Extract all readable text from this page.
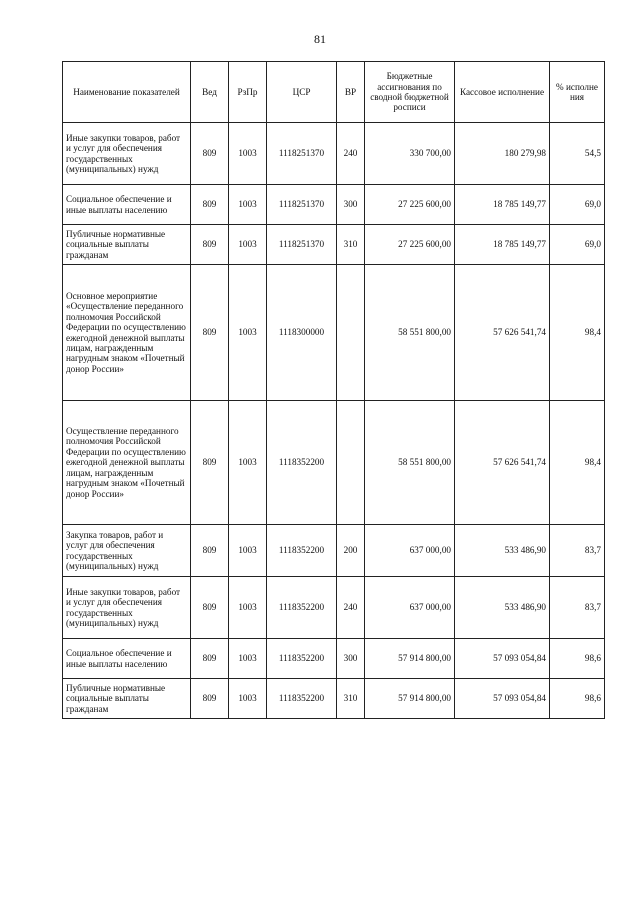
81
Наименование показателей	Вед	РзПр	ЦСР	ВР	Бюджетные ассигнования по сводной бюджетной росписи	Кассовое исполнение	% исполне ния
Иные закупки товаров, работ и услуг для обеспечения государственных (муниципальных) нужд	809	1003	1118251370	240	330 700,00	180 279,98	54,5
Социальное обеспечение и иные выплаты населению	809	1003	1118251370	300	27 225 600,00	18 785 149,77	69,0
Публичные нормативные социальные выплаты гражданам	809	1003	1118251370	310	27 225 600,00	18 785 149,77	69,0
Основное мероприятие «Осуществление переданного полномочия Российской Федерации по осуществлению ежегодной денежной выплаты лицам, награжденным нагрудным знаком «Почетный донор России»	809	1003	1118300000		58 551 800,00	57 626 541,74	98,4
Осуществление переданного полномочия Российской Федерации по осуществлению ежегодной денежной выплаты лицам, награжденным нагрудным знаком «Почетный донор России»	809	1003	1118352200		58 551 800,00	57 626 541,74	98,4
Закупка товаров, работ и услуг для обеспечения государственных (муниципальных) нужд	809	1003	1118352200	200	637 000,00	533 486,90	83,7
Иные закупки товаров, работ и услуг для обеспечения государственных (муниципальных) нужд	809	1003	1118352200	240	637 000,00	533 486,90	83,7
Социальное обеспечение и иные выплаты населению	809	1003	1118352200	300	57 914 800,00	57 093 054,84	98,6
Публичные нормативные социальные выплаты гражданам	809	1003	1118352200	310	57 914 800,00	57 093 054,84	98,6
